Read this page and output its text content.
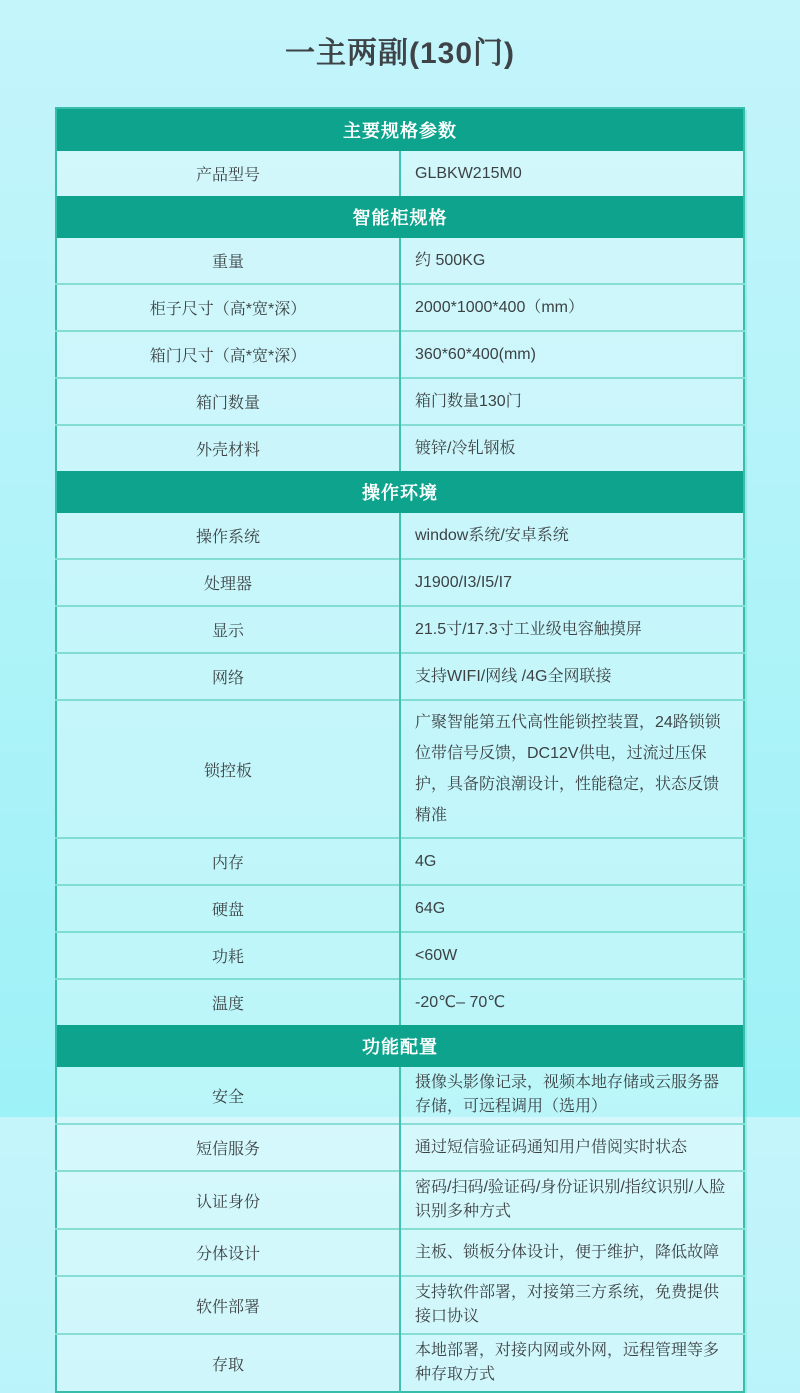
一主两副(130门)
主要规格参数	
产品型号	GLBKW215M0
智能柜规格	
重量	约 500KG
柜子尺寸（高*宽*深）	2000*1000*400（mm）
箱门尺寸（高*宽*深）	360*60*400(mm)
箱门数量	箱门数量130门
外壳材料	镀锌/冷轧钢板
操作环境	
操作系统	window系统/安卓系统
处理器	J1900/I3/I5/I7
显示	21.5寸/17.3寸工业级电容触摸屏
网络	支持WIFI/网线 /4G全网联接
锁控板	广聚智能第五代高性能锁控装置，24路锁锁位带信号反馈，DC12V供电，过流过压保护，具备防浪潮设计，性能稳定，状态反馈精准
内存	4G
硬盘	64G
功耗	<60W
温度	-20℃– 70℃
功能配置	
安全	摄像头影像记录，视频本地存储或云服务器存储，可远程调用（选用）
短信服务	通过短信验证码通知用户借阅实时状态
认证身份	密码/扫码/验证码/身份证识别/指纹识别/人脸识别多种方式
分体设计	主板、锁板分体设计，便于维护，降低故障
软件部署	支持软件部署，对接第三方系统，免费提供接口协议
存取	本地部署，对接内网或外网，远程管理等多种存取方式
